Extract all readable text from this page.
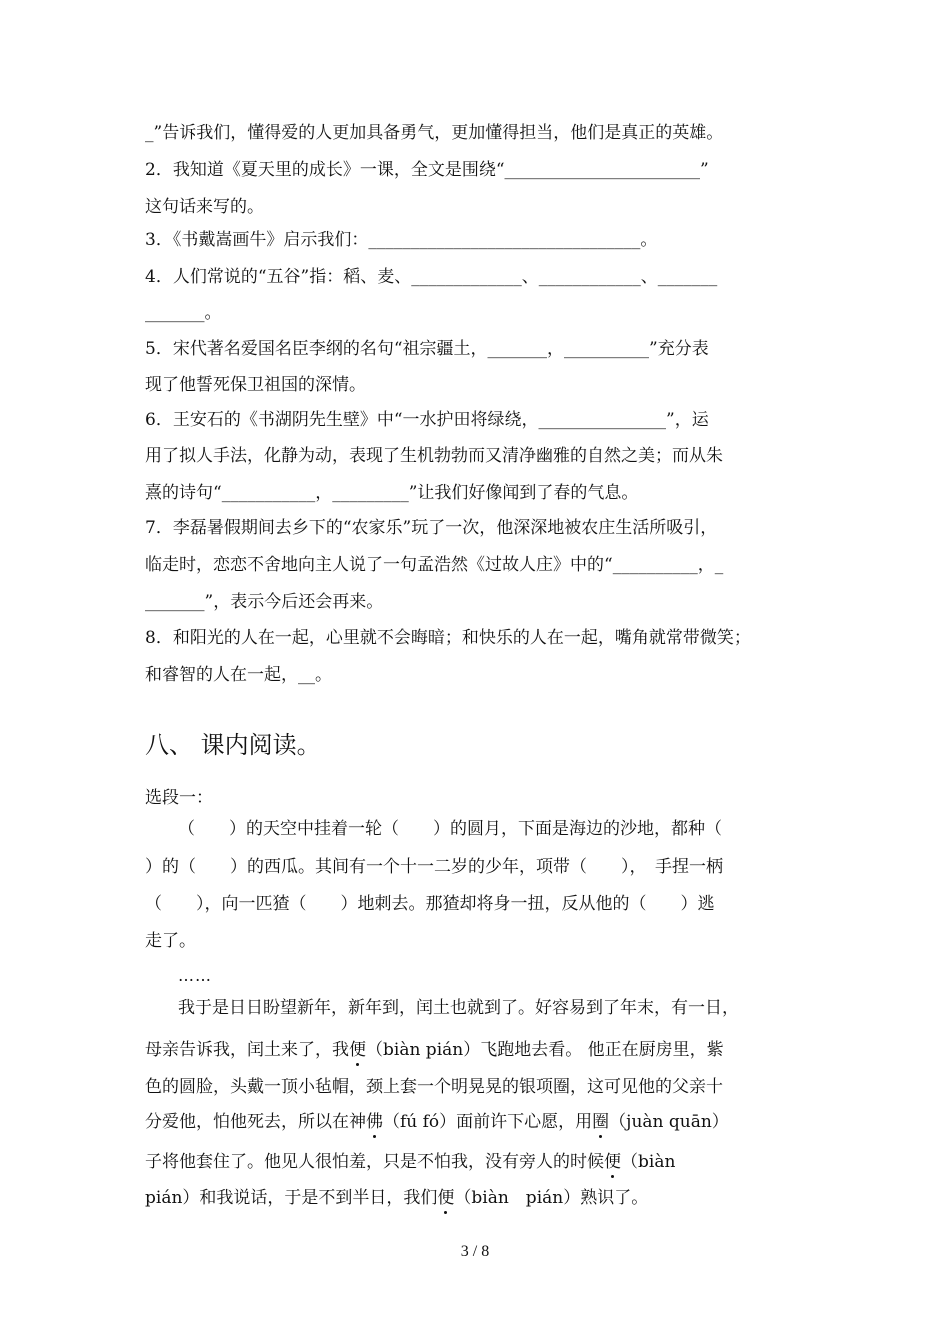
_”告诉我们，懂得爱的人更加具备勇气，更加懂得担当，他们是真正的英雄。
2．我知道《夏天里的成长》一课，全文是围绕“_______________________”
这句话来写的。
3．《书戴嵩画牛》启示我们：________________________________。
4．人们常说的“五谷”指：稻、麦、_____________、____________、_______
_______。
5．宋代著名爱国名臣李纲的名句“祖宗疆土，_______，__________”充分表
现了他誓死保卫祖国的深情。
6．王安石的《书湖阴先生壁》中“一水护田将绿绕，_______________”，运
用了拟人手法，化静为动，表现了生机勃勃而又清净幽雅的自然之美；而从朱
熹的诗句“___________，_________”让我们好像闻到了春的气息。
7．李磊暑假期间去乡下的“农家乐”玩了一次，他深深地被农庄生活所吸引，
临走时，恋恋不舍地向主人说了一句孟浩然《过故人庄》中的“__________，_
_______”，表示今后还会再来。
8．和阳光的人在一起，心里就不会晦暗；和快乐的人在一起，嘴角就常带微笑；
和睿智的人在一起，__。
八、 课内阅读。
选段一：
（　　）的天空中挂着一轮（　　）的圆月，下面是海边的沙地，都种（
）的（　　）的西瓜。其间有一个十一二岁的少年，项带（　　），　手捏一柄
（　　），向一匹猹（　　）地刺去。那猹却将身一扭，反从他的（　　）逃
走了。
……
我于是日日盼望新年，新年到，闰土也就到了。好容易到了年末，有一日，
母亲告诉我，闰土来了，我便（biàn pián）飞跑地去看。 他正在厨房里，紫
色的圆脸，头戴一顶小毡帽，颈上套一个明晃晃的银项圈，这可见他的父亲十
分爱他，怕他死去，所以在神佛（fú fó）面前许下心愿，用圈（juàn quān）
子将他套住了。他见人很怕羞，只是不怕我，没有旁人的时候便（biàn
pián）和我说话，于是不到半日，我们便（biàn　pián）熟识了。
3 / 8
